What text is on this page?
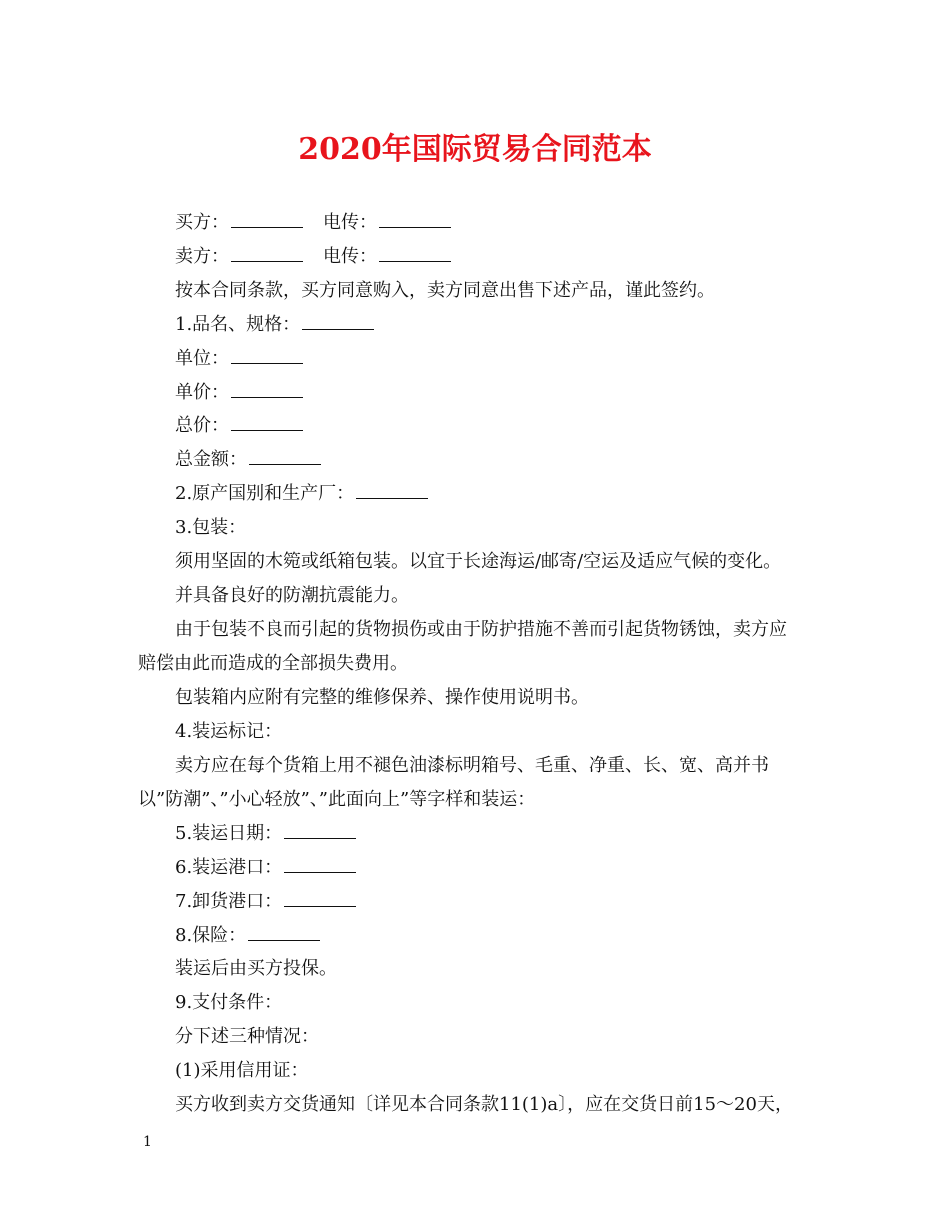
2020年国际贸易合同范本
买方：	电传：
卖方：	电传：
按本合同条款，买方同意购入，卖方同意出售下述产品，谨此签约。
1.品名、规格：
单位：
单价：
总价：
总金额：
2.原产国别和生产厂：
3.包装：
须用坚固的木箢或纸箱包装。以宜于长途海运/邮寄/空运及适应气候的变化。
并具备良好的防潮抗震能力。
由于包装不良而引起的货物损伤或由于防护措施不善而引起货物锈蚀，卖方应
赔偿由此而造成的全部损失费用。
包装箱内应附有完整的维修保养、操作使用说明书。
4.装运标记：
卖方应在每个货箱上用不褪色油漆标明箱号、毛重、净重、长、宽、高并书
以”防潮”、”小心轻放”、”此面向上”等字样和装运：
5.装运日期：
6.装运港口：
7.卸货港口：
8.保险：
装运后由买方投保。
9.支付条件：
分下述三种情况：
(1)采用信用证：
买方收到卖方交货通知〔详见本合同条款11(1)a〕，应在交货日前15～20天，
1
